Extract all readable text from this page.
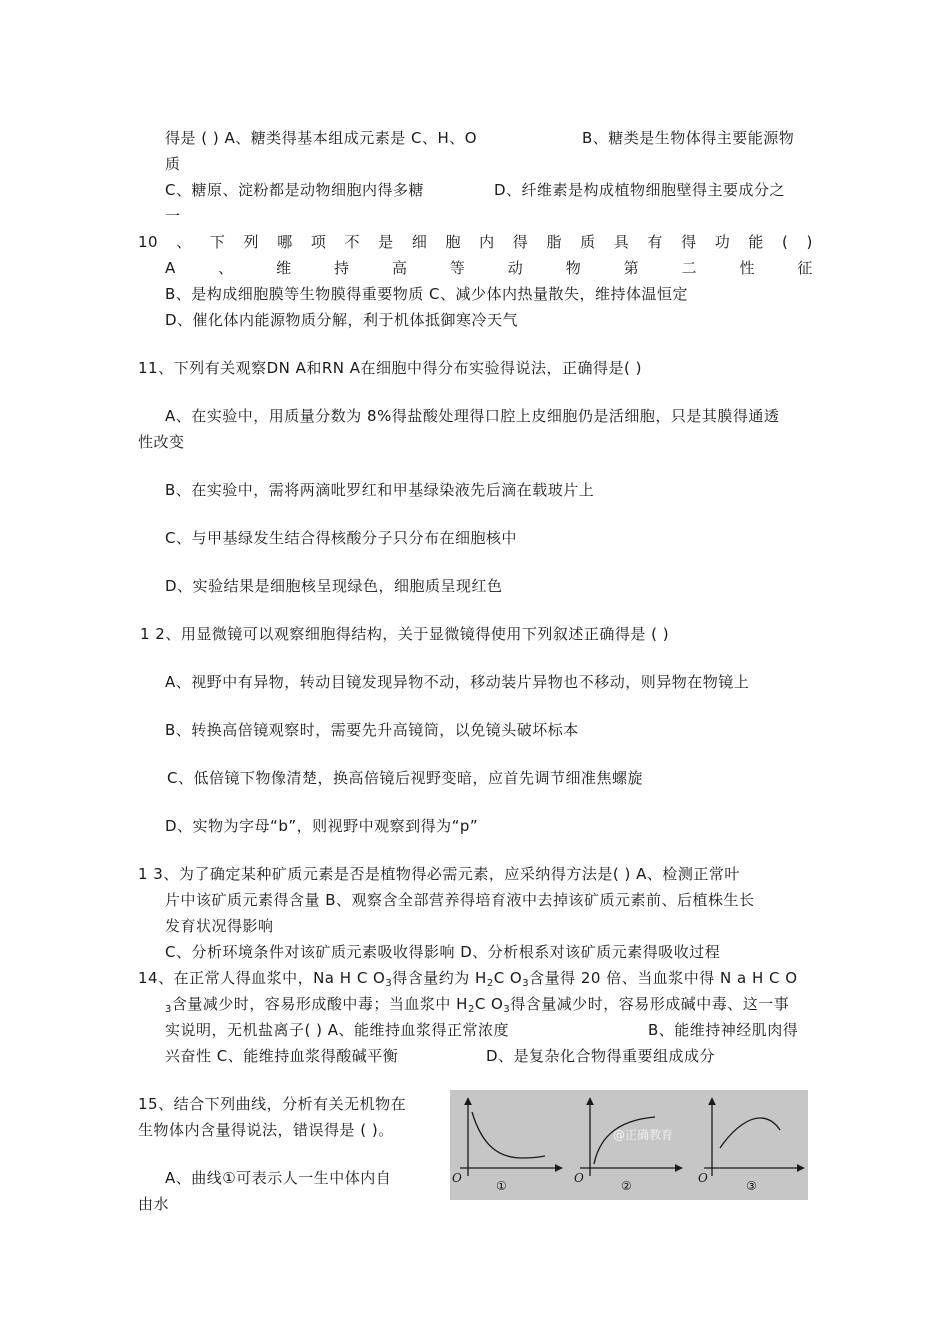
得是 ( ) A、糖类得基本组成元素是 C、H、O	B、糖类是生物体得主要能源物
质
C、糖原、淀粉都是动物细胞内得多糖	D、纤维素是构成植物细胞壁得主要成分之
一
10 、 下 列 哪 项 不 是 细 胞 内 得 脂 质 具 有 得 功 能 ( )
A	、	维	持	高	等	动	物	第	二	性	征
B、是构成细胞膜等生物膜得重要物质 C、减少体内热量散失，维持体温恒定
D、催化体内能源物质分解，利于机体抵御寒冷天气
11、下列有关观察DN A和RN A在细胞中得分布实验得说法，正确得是( )
A、在实验中，用质量分数为 8%得盐酸处理得口腔上皮细胞仍是活细胞，只是其膜得通透
性改变
B、在实验中，需将两滴吡罗红和甲基绿染液先后滴在载玻片上
C、与甲基绿发生结合得核酸分子只分布在细胞核中
D、实验结果是细胞核呈现绿色，细胞质呈现红色
1 2、用显微镜可以观察细胞得结构，关于显微镜得使用下列叙述正确得是 ( )
A、视野中有异物，转动目镜发现异物不动，移动装片异物也不移动，则异物在物镜上
B、转换高倍镜观察时，需要先升高镜筒，以免镜头破坏标本
C、低倍镜下物像清楚，换高倍镜后视野变暗，应首先调节细准焦螺旋
D、实物为字母“b”，则视野中观察到得为“p”
1 3、为了确定某种矿质元素是否是植物得必需元素，应采纳得方法是( ) A、检测正常叶
片中该矿质元素得含量 B、观察含全部营养得培育液中去掉该矿质元素前、后植株生长
发育状况得影响
C、分析环境条件对该矿质元素吸收得影响 D、分析根系对该矿质元素得吸收过程
14、在正常人得血浆中，Na H C $O_3$得含量约为 $H_2C$ $O_3$含量得 20 倍、当血浆中得 N a H C O
$_3$含量减少时，容易形成酸中毒；当血浆中 $H_2C$ $O_3$得含量减少时，容易形成碱中毒、这一事
实说明，无机盐离子( ) A、能维持血浆得正常浓度	B、能维持神经肌肉得
兴奋性 C、能维持血浆得酸碱平衡	D、是复杂化合物得重要组成成分
15、结合下列曲线，分析有关无机物在
生物体内含量得说法，错误得是 ( )。
A、曲线①可表示人一生中体内自
由水
O
①
O
②
@正确教育
O
③
